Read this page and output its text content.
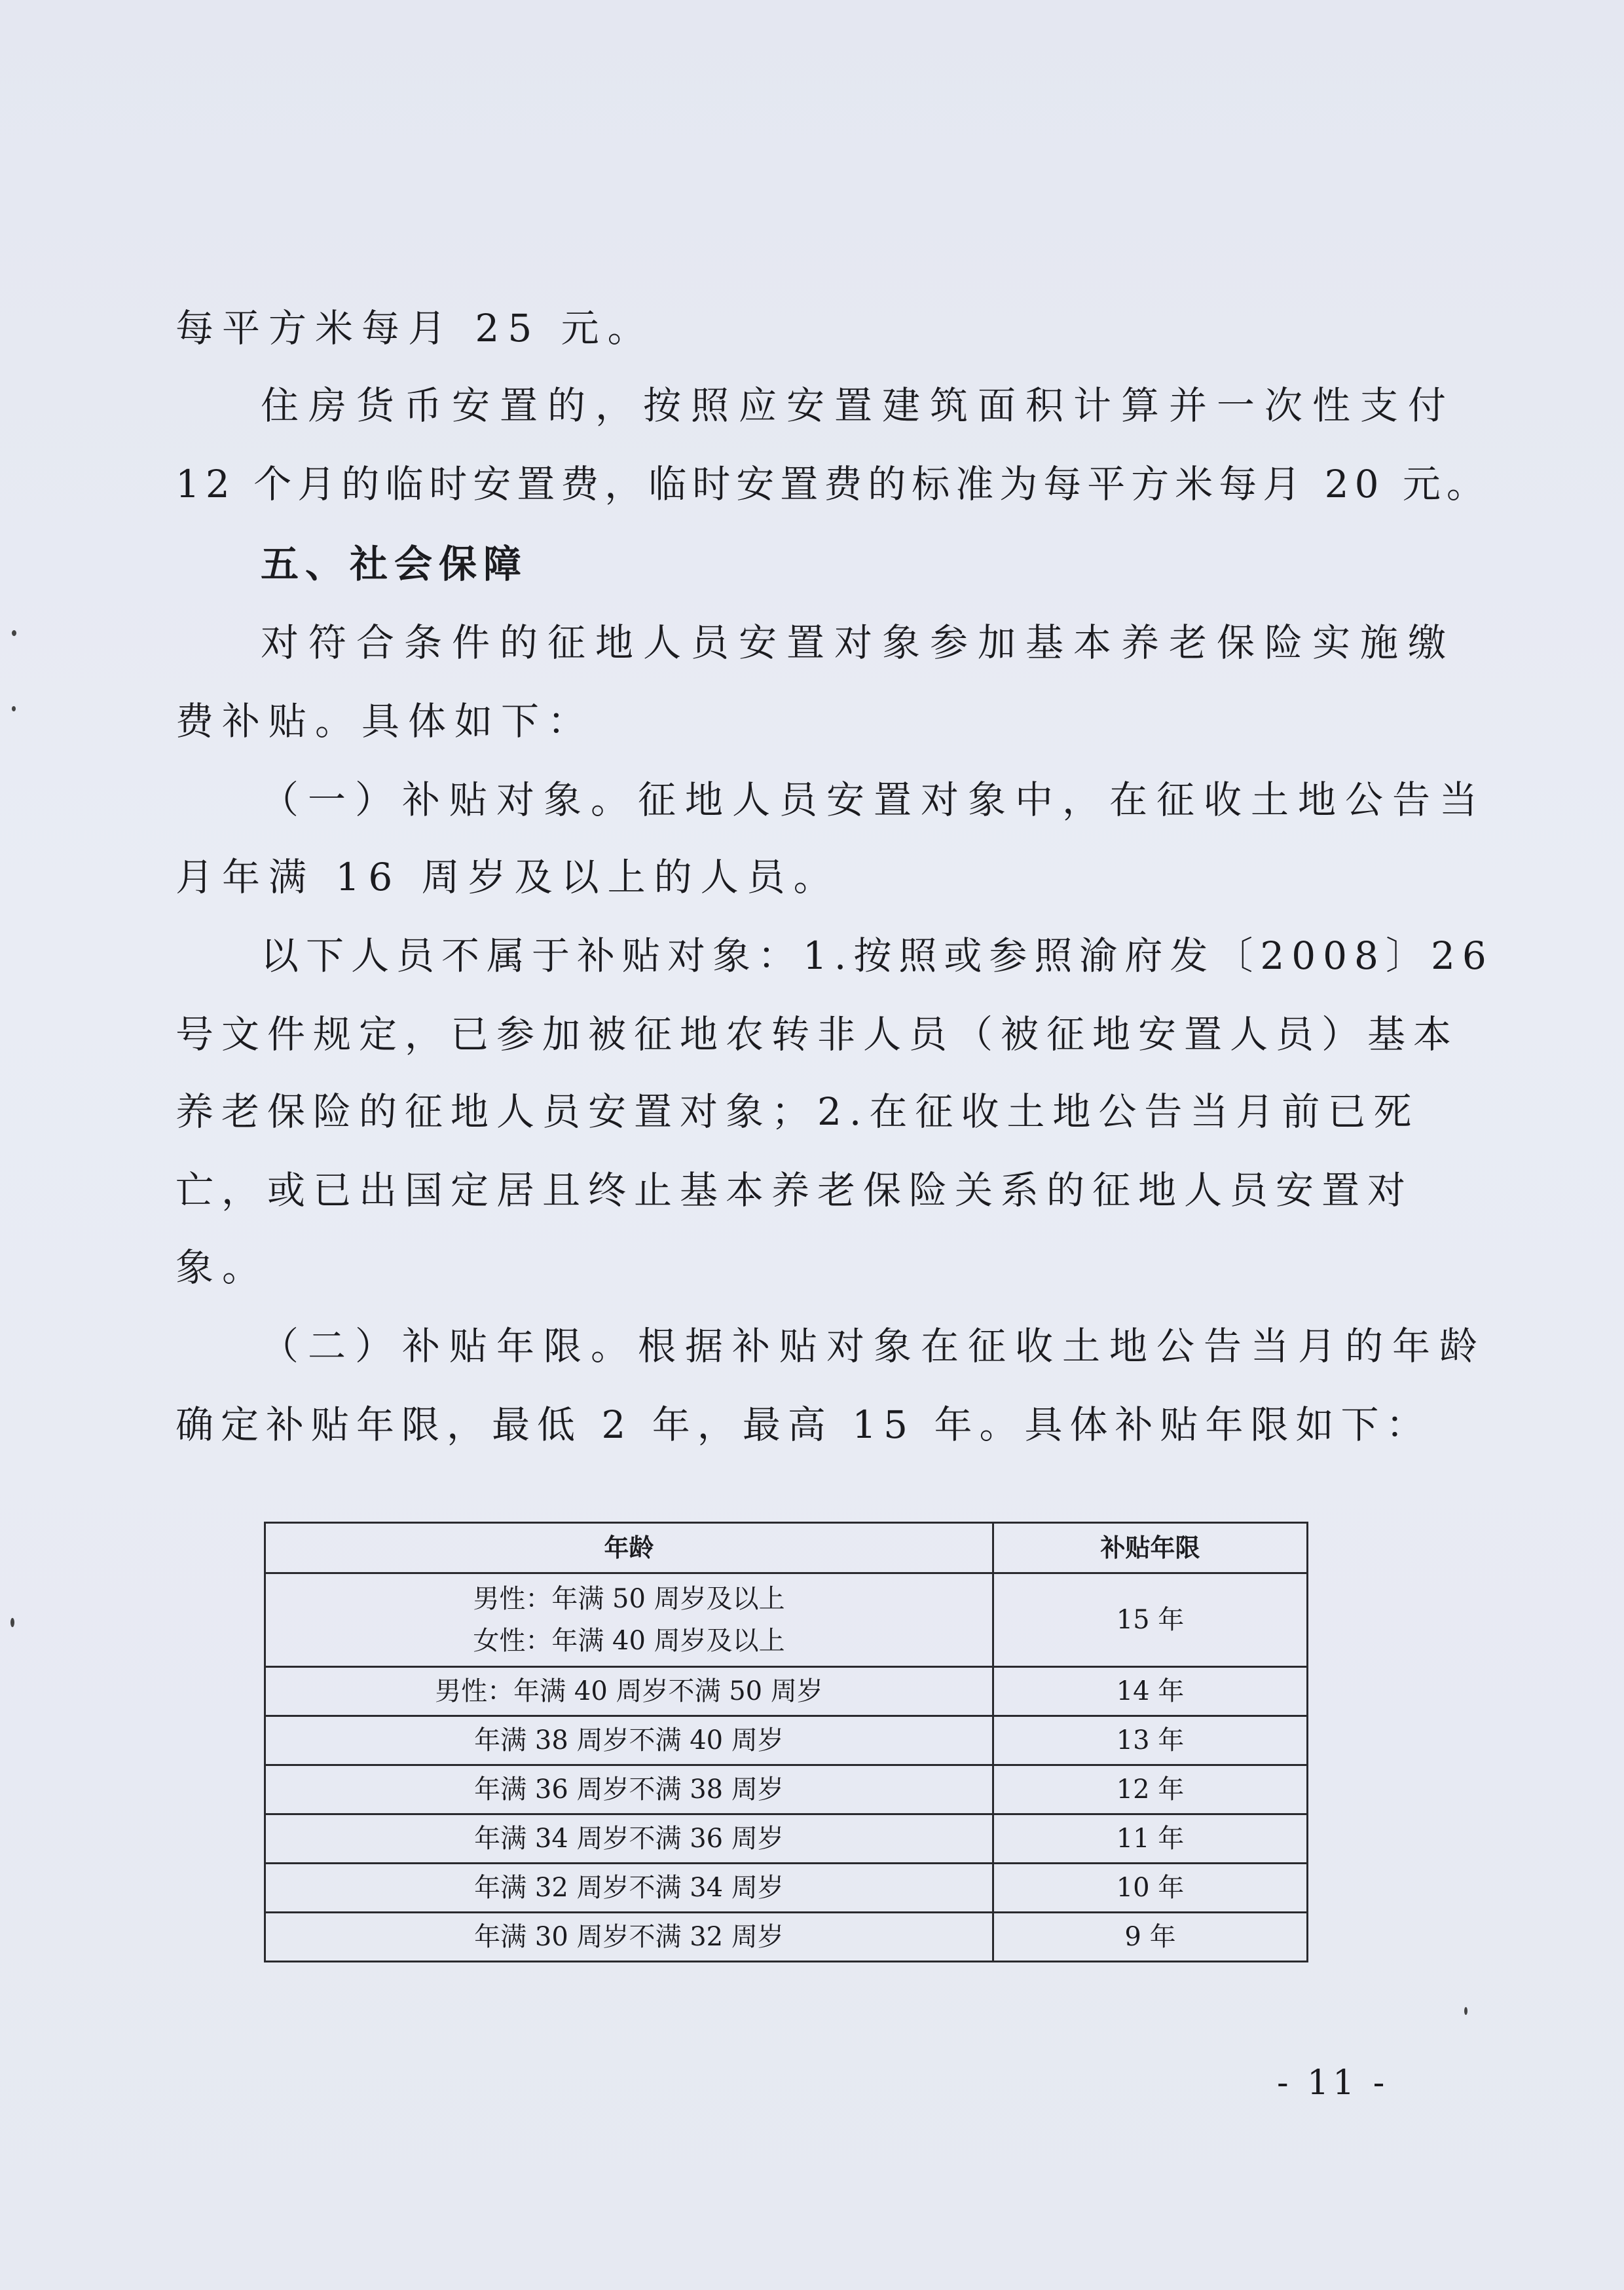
每平方米每月 25 元。
住房货币安置的，按照应安置建筑面积计算并一次性支付
12 个月的临时安置费，临时安置费的标准为每平方米每月 20 元。
五、社会保障
对符合条件的征地人员安置对象参加基本养老保险实施缴
费补贴。具体如下：
（一）补贴对象。征地人员安置对象中，在征收土地公告当
月年满 16 周岁及以上的人员。
以下人员不属于补贴对象：1.按照或参照渝府发〔2008〕26
号文件规定，已参加被征地农转非人员（被征地安置人员）基本
养老保险的征地人员安置对象；2.在征收土地公告当月前已死
亡，或已出国定居且终止基本养老保险关系的征地人员安置对
象。
（二）补贴年限。根据补贴对象在征收土地公告当月的年龄
确定补贴年限，最低 2 年，最高 15 年。具体补贴年限如下：
年龄	补贴年限

男性：年满 50 周岁及以上
女性：年满 40 周岁及以上	15 年
男性：年满 40 周岁不满 50 周岁	14 年
年满 38 周岁不满 40 周岁	13 年
年满 36 周岁不满 38 周岁	12 年
年满 34 周岁不满 36 周岁	11 年
年满 32 周岁不满 34 周岁	10 年
年满 30 周岁不满 32 周岁	9 年
- 11 -
